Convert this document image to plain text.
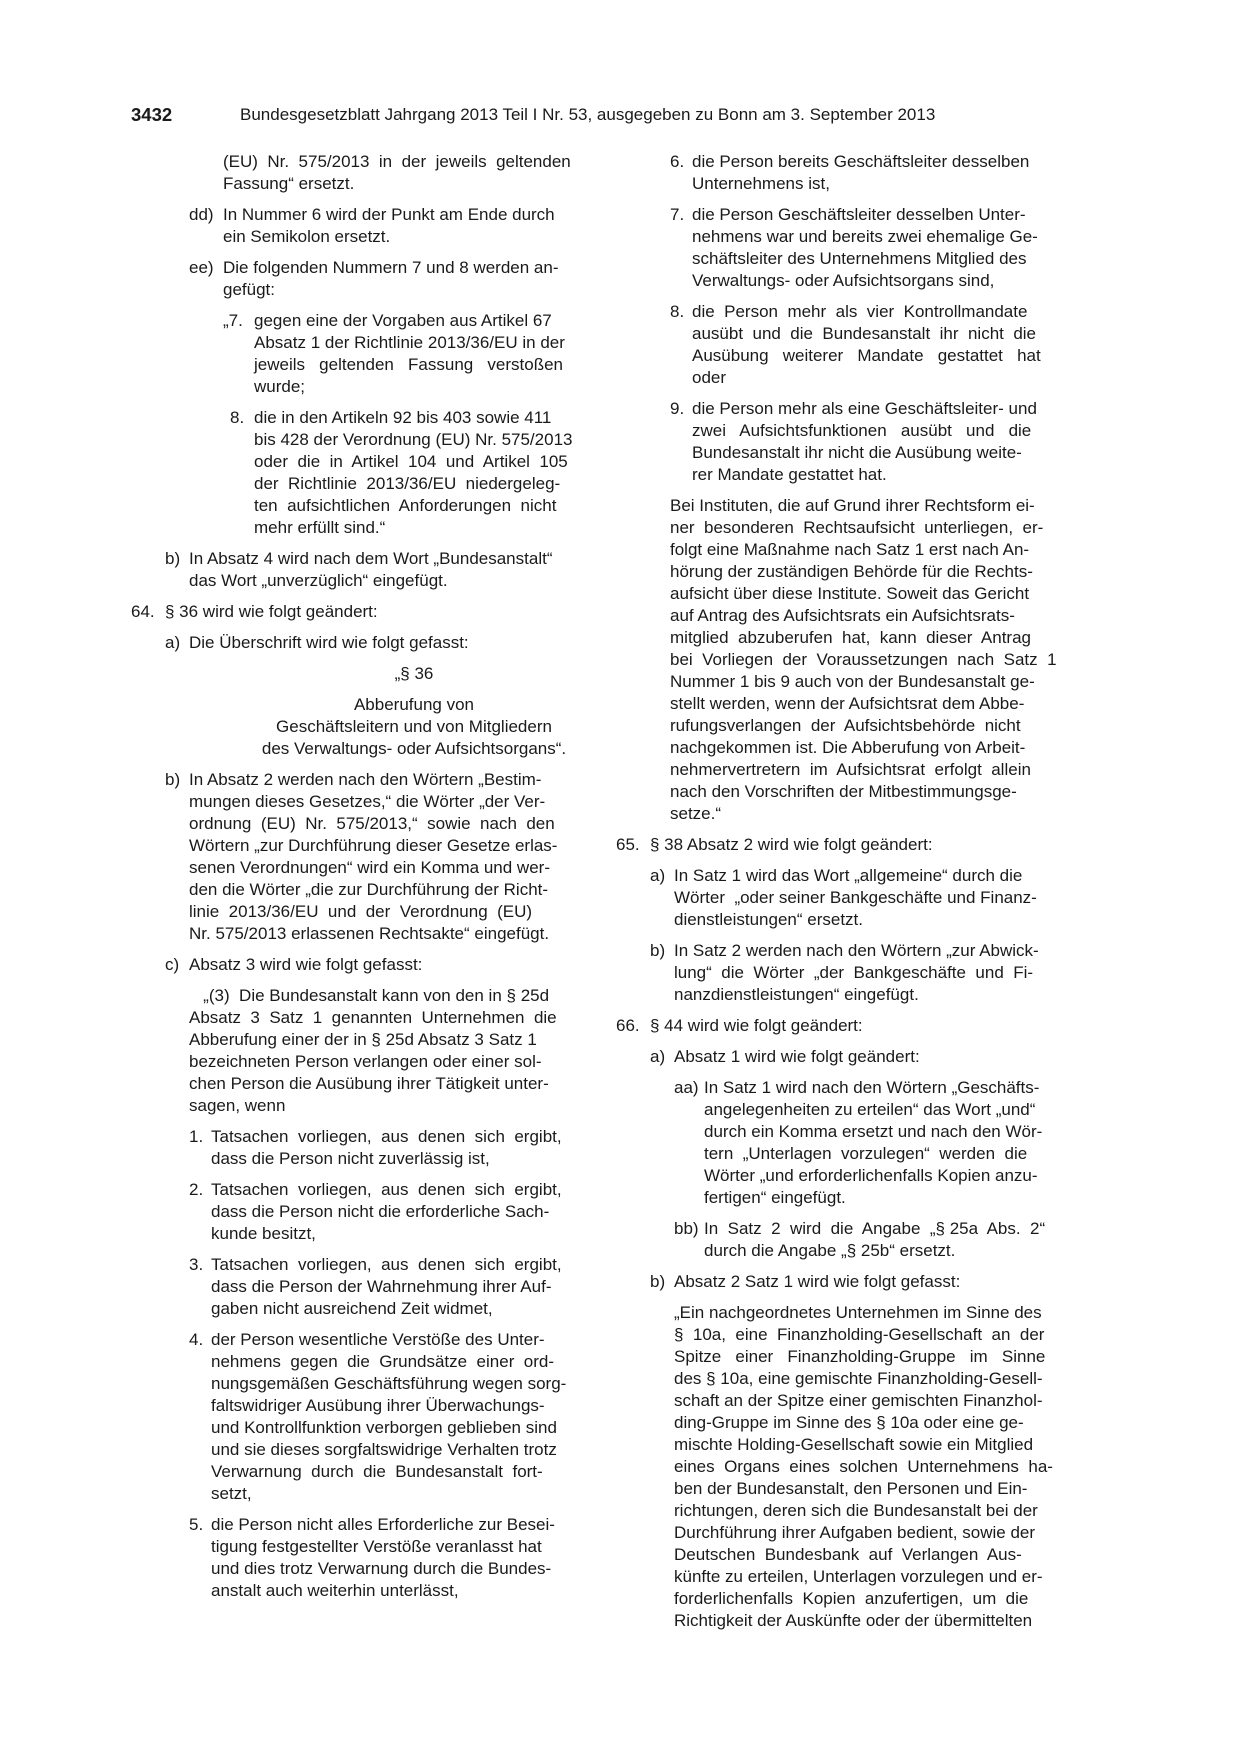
3432	Bundesgesetzblatt Jahrgang 2013 Teil I Nr. 53, ausgegeben zu Bonn am 3. September 2013
(EU)  Nr.  575/2013  in  der  jeweils  geltenden
Fassung“ ersetzt.
dd) In Nummer 6 wird der Punkt am Ende durch
ein Semikolon ersetzt.
ee) Die folgenden Nummern 7 und 8 werden an-
gefügt:
„7. gegen eine der Vorgaben aus Artikel 67
Absatz 1 der Richtlinie 2013/36/EU in der
jeweils   geltenden   Fassung   verstoßen
wurde;
8. die in den Artikeln 92 bis 403 sowie 411
bis 428 der Verordnung (EU) Nr. 575/2013
oder  die  in  Artikel  104  und  Artikel  105
der  Richtlinie  2013/36/EU  niedergeleg-
ten  aufsichtlichen  Anforderungen  nicht
mehr erfüllt sind.“
b) In Absatz 4 wird nach dem Wort „Bundesanstalt“
das Wort „unverzüglich“ eingefügt.
64. § 36 wird wie folgt geändert:
a) Die Überschrift wird wie folgt gefasst:
„§ 36
Abberufung von
Geschäftsleitern und von Mitgliedern
des Verwaltungs- oder Aufsichtsorgans“.
b) In Absatz 2 werden nach den Wörtern „Bestim-
mungen dieses Gesetzes,“ die Wörter „der Ver-
ordnung  (EU)  Nr.  575/2013,“  sowie  nach  den
Wörtern „zur Durchführung dieser Gesetze erlas-
senen Verordnungen“ wird ein Komma und wer-
den die Wörter „die zur Durchführung der Richt-
linie  2013/36/EU  und  der  Verordnung  (EU)
Nr. 575/2013 erlassenen Rechtsakte“ eingefügt.
c) Absatz 3 wird wie folgt gefasst:
„(3)  Die Bundesanstalt kann von den in § 25d
Absatz  3  Satz  1  genannten  Unternehmen  die
Abberufung einer der in § 25d Absatz 3 Satz 1
bezeichneten Person verlangen oder einer sol-
chen Person die Ausübung ihrer Tätigkeit unter-
sagen, wenn
1. Tatsachen  vorliegen,  aus  denen  sich  ergibt,
dass die Person nicht zuverlässig ist,
2. Tatsachen  vorliegen,  aus  denen  sich  ergibt,
dass die Person nicht die erforderliche Sach-
kunde besitzt,
3. Tatsachen  vorliegen,  aus  denen  sich  ergibt,
dass die Person der Wahrnehmung ihrer Auf-
gaben nicht ausreichend Zeit widmet,
4. der Person wesentliche Verstöße des Unter-
nehmens  gegen  die  Grundsätze  einer  ord-
nungsgemäßen Geschäftsführung wegen sorg-
faltswidriger Ausübung ihrer Überwachungs-
und Kontrollfunktion verborgen geblieben sind
und sie dieses sorgfaltswidrige Verhalten trotz
Verwarnung  durch  die  Bundesanstalt  fort-
setzt,
5. die Person nicht alles Erforderliche zur Besei-
tigung festgestellter Verstöße veranlasst hat
und dies trotz Verwarnung durch die Bundes-
anstalt auch weiterhin unterlässt,
6. die Person bereits Geschäftsleiter desselben
Unternehmens ist,
7. die Person Geschäftsleiter desselben Unter-
nehmens war und bereits zwei ehemalige Ge-
schäftsleiter des Unternehmens Mitglied des
Verwaltungs- oder Aufsichtsorgans sind,
8. die  Person  mehr  als  vier  Kontrollmandate
ausübt  und  die  Bundesanstalt  ihr  nicht  die
Ausübung   weiterer   Mandate   gestattet   hat
oder
9. die Person mehr als eine Geschäftsleiter- und
zwei   Aufsichtsfunktionen   ausübt   und   die
Bundesanstalt ihr nicht die Ausübung weite-
rer Mandate gestattet hat.
Bei Instituten, die auf Grund ihrer Rechtsform ei-
ner  besonderen  Rechtsaufsicht  unterliegen,  er-
folgt eine Maßnahme nach Satz 1 erst nach An-
hörung der zuständigen Behörde für die Rechts-
aufsicht über diese Institute. Soweit das Gericht
auf Antrag des Aufsichtsrats ein Aufsichtsrats-
mitglied  abzuberufen  hat,  kann  dieser  Antrag
bei  Vorliegen  der  Voraussetzungen  nach  Satz  1
Nummer 1 bis 9 auch von der Bundesanstalt ge-
stellt werden, wenn der Aufsichtsrat dem Abbe-
rufungsverlangen  der  Aufsichtsbehörde  nicht
nachgekommen ist. Die Abberufung von Arbeit-
nehmervertretern  im  Aufsichtsrat  erfolgt  allein
nach den Vorschriften der Mitbestimmungsge-
setze.“
65. § 38 Absatz 2 wird wie folgt geändert:
a) In Satz 1 wird das Wort „allgemeine“ durch die
Wörter  „oder seiner Bankgeschäfte und Finanz-
dienstleistungen“ ersetzt.
b) In Satz 2 werden nach den Wörtern „zur Abwick-
lung“  die  Wörter  „der  Bankgeschäfte  und  Fi-
nanzdienstleistungen“ eingefügt.
66. § 44 wird wie folgt geändert:
a) Absatz 1 wird wie folgt geändert:
aa) In Satz 1 wird nach den Wörtern „Geschäfts-
angelegenheiten zu erteilen“ das Wort „und“
durch ein Komma ersetzt und nach den Wör-
tern  „Unterlagen  vorzulegen“  werden  die
Wörter „und erforderlichenfalls Kopien anzu-
fertigen“ eingefügt.
bb) In  Satz  2  wird  die  Angabe  „§ 25a  Abs.  2“
durch die Angabe „§ 25b“ ersetzt.
b) Absatz 2 Satz 1 wird wie folgt gefasst:
„Ein nachgeordnetes Unternehmen im Sinne des
§  10a,  eine  Finanzholding-Gesellschaft  an  der
Spitze   einer   Finanzholding-Gruppe   im   Sinne
des § 10a, eine gemischte Finanzholding-Gesell-
schaft an der Spitze einer gemischten Finanzhol-
ding-Gruppe im Sinne des § 10a oder eine ge-
mischte Holding-Gesellschaft sowie ein Mitglied
eines  Organs  eines  solchen  Unternehmens  ha-
ben der Bundesanstalt, den Personen und Ein-
richtungen, deren sich die Bundesanstalt bei der
Durchführung ihrer Aufgaben bedient, sowie der
Deutschen  Bundesbank  auf  Verlangen  Aus-
künfte zu erteilen, Unterlagen vorzulegen und er-
forderlichenfalls  Kopien  anzufertigen,  um  die
Richtigkeit der Auskünfte oder der übermittelten
